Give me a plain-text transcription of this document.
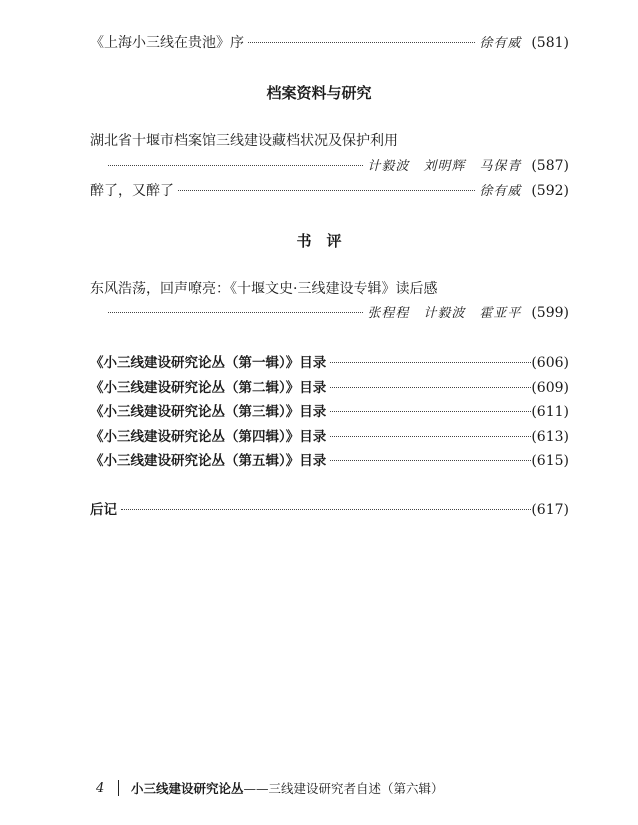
《上海小三线在贵池》序	徐有威 (581)
档案资料与研究
湖北省十堰市档案馆三线建设藏档状况及保护利用
计毅波　刘明辉　马保青 (587)
醉了，又醉了	徐有威 (592)
书　评
东风浩荡，回声嘹亮：《十堰文史·三线建设专辑》读后感
张程程　计毅波　霍亚平 (599)
《小三线建设研究论丛（第一辑）》目录	(606)
《小三线建设研究论丛（第二辑）》目录	(609)
《小三线建设研究论丛（第三辑）》目录	(611)
《小三线建设研究论丛（第四辑）》目录	(613)
《小三线建设研究论丛（第五辑）》目录	(615)
后记	(617)
4	小三线建设研究论丛 ——三线建设研究者自述（第六辑）
